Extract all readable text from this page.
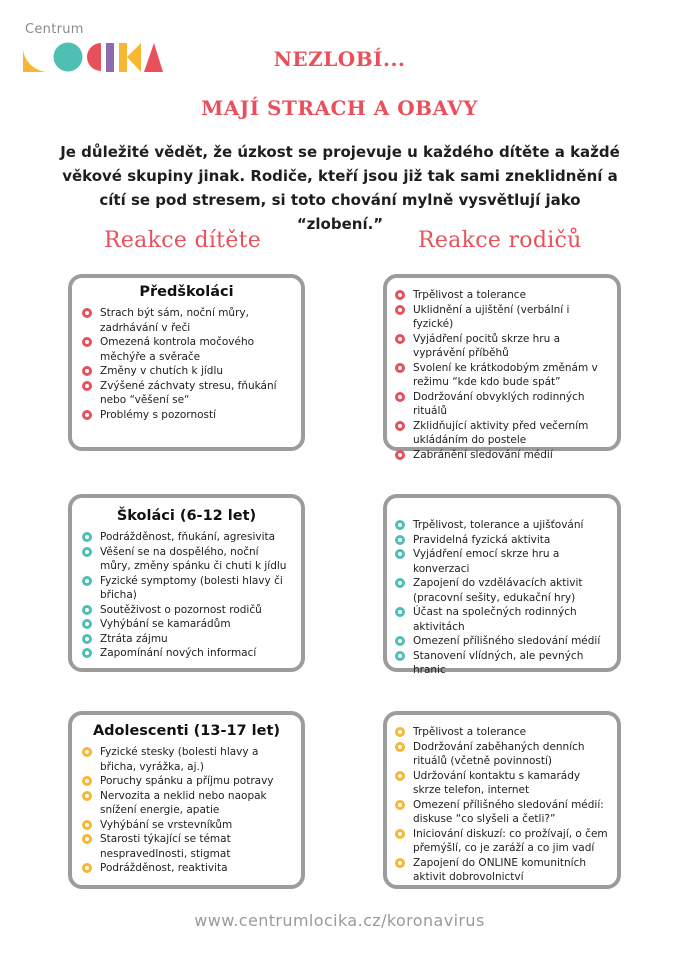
Centrum
NEZLOBÍ...
MAJÍ STRACH A OBAVY
Je důležité vědět, že úzkost se projevuje u každého dítěte a každé věkové skupiny jinak. Rodiče, kteří jsou již tak sami zneklidnění a cítí se pod stresem, si toto chování mylně vysvětlují jako “zlobení.”
Reakce dítěte	Reakce rodičů
Předškoláci
Strach být sám, noční můry, zadrhávání v řeči
Omezená kontrola močového měchýře a svěrače
Změny v chutích k jídlu
Zvýšené záchvaty stresu, fňukání nebo “věšení se“
Problémy s pozorností
Trpělivost a tolerance
Uklidnění a ujištění (verbální i fyzické)
Vyjádření pocitů skrze hru a vyprávění příběhů
Svolení ke krátkodobým změnám v režimu “kde kdo bude spát”
Dodržování obvyklých rodinných rituálů
Zklidňující aktivity před večerním ukládáním do postele
Zabránění sledování médií
Školáci (6-12 let)
Podrážděnost, fňukání, agresivita
Věšení se na dospělého, noční můry, změny spánku či chuti k jídlu
Fyzické symptomy (bolesti hlavy či břicha)
Soutěživost o pozornost rodičů
Vyhýbání se kamarádům
Ztráta zájmu
Zapomínání nových informací
Trpělivost, tolerance a ujišťování
Pravidelná fyzická aktivita
Vyjádření emocí skrze hru a konverzaci
Zapojení do vzdělávacích aktivit (pracovní sešity, edukační hry)
Účast na společných rodinných aktivitách
Omezení přílišného sledování médií
Stanovení vlídných, ale pevných hranic
Adolescenti (13-17 let)
Fyzické stesky (bolesti hlavy a břicha, vyrážka, aj.)
Poruchy spánku a příjmu potravy
Nervozita a neklid nebo naopak snížení energie, apatie
Vyhýbání se vrstevníkům
Starosti týkající se témat nespravedlnosti, stigmat
Podrážděnost, reaktivita
Trpělivost a tolerance
Dodržování zaběhaných denních rituálů (včetně povinností)
Udržování kontaktu s kamarády skrze telefon, internet
Omezení přílišného sledování médií: diskuse “co slyšeli a četli?”
Iniciování diskuzí: co prožívají, o čem přemýšlí, co je zaráží a co jim vadí
Zapojení do ONLINE komunitních aktivit dobrovolnictví
www.centrumlocika.cz/koronavirus
